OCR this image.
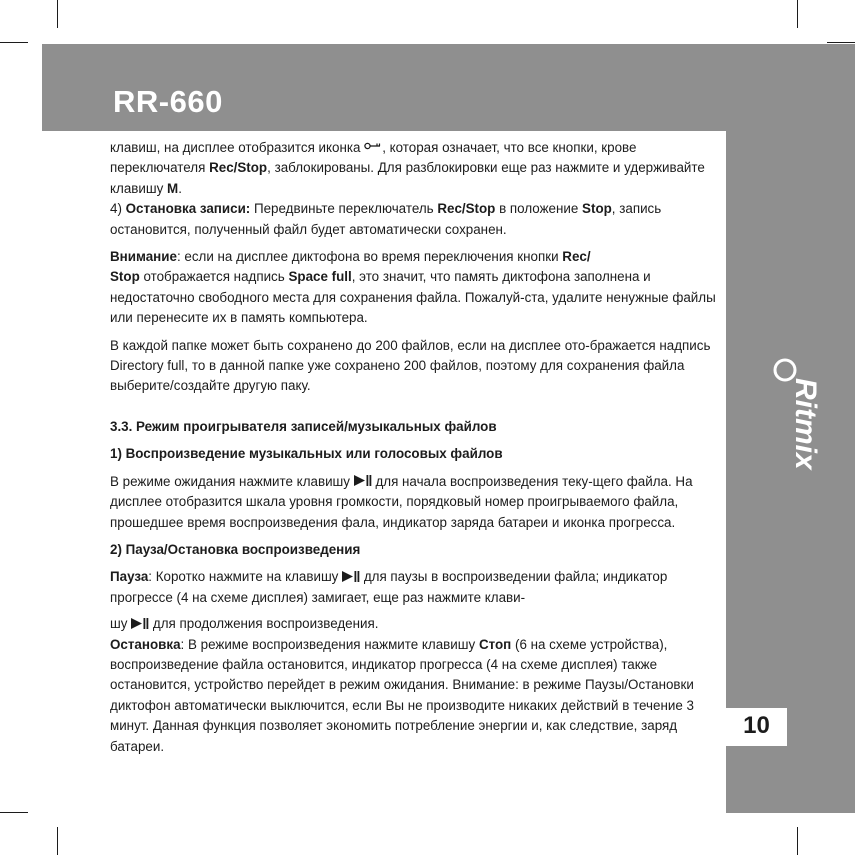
RR-660
Ritmix
10

клавиш, на дисплее отобразится иконка , которая означает, что все кнопки, крове переключателя Rec/Stop, заблокированы. Для разблокировки еще раз нажмите и удерживайте клавишу M.

4) Остановка записи: Передвиньте переключатель Rec/Stop в положение Stop, запись остановится, полученный файл будет автоматически сохранен.

Внимание: если на дисплее диктофона во время переключения кнопки Rec/
Stop отображается надпись Space full, это значит, что память диктофона заполнена и недостаточно свободного места для сохранения файла. Пожалуй-ста, удалите ненужные файлы или перенесите их в память компьютера.

В каждой папке может быть сохранено до 200 файлов, если на дисплее ото-бражается надпись Directory full, то в данной папке уже сохранено 200 файлов, поэтому для сохранения файла выберите/создайте другую паку.

3.3. Режим проигрывателя записей/музыкальных файлов
1) Воспроизведение музыкальных или голосовых файлов

В режиме ожидания нажмите клавишу  для начала воспроизведения теку-щего файла. На дисплее отобразится шкала уровня громкости, порядковый номер проигрываемого файла, прошедшее время воспроизведения фала, индикатор заряда батареи и иконка прогресса.

2) Пауза/Остановка воспроизведения

Пауза: Коротко нажмите на клавишу  для паузы в воспроизведении файла; индикатор прогрессе (4 на схеме дисплея) замигает, еще раз нажмите клави-

шу  для продолжения воспроизведения.
Остановка: В режиме воспроизведения нажмите клавишу Стоп (6 на схеме устройства), воспроизведение файла остановится, индикатор прогресса (4 на схеме дисплея) также остановится, устройство перейдет в режим ожидания. Внимание: в режиме Паузы/Остановки диктофон автоматически выключится, если Вы не производите никаких действий в течение 3 минут. Данная функция позволяет экономить потребление энергии и, как следствие, заряд батареи.
